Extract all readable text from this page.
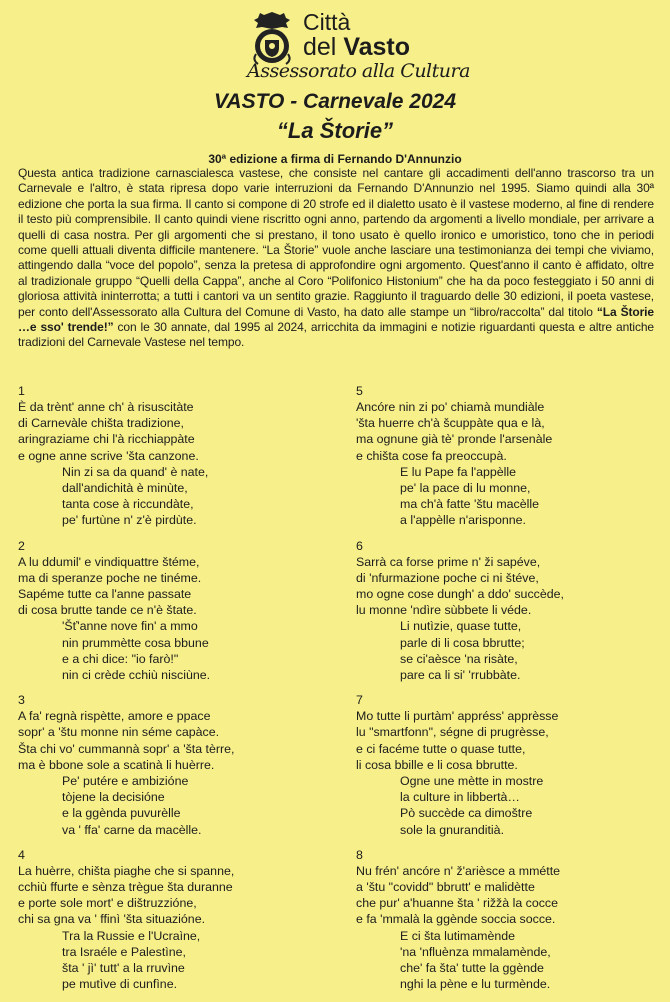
Città
del Vasto
Assessorato alla Cultura
VASTO - Carnevale 2024
“La Štorie”
30ª edizione a firma di Fernando D'Annunzio
Questa antica tradizione carnascialesca vastese, che consiste nel cantare gli accadimenti dell'anno trascorso tra un Carnevale e l'altro, è stata ripresa dopo varie interruzioni da Fernando D'Annunzio nel 1995. Siamo quindi alla 30ª edizione che porta la sua firma. Il canto si compone di 20 strofe ed il dialetto usato è il vastese moderno, al fine di rendere il testo più comprensibile. Il canto quindi viene riscritto ogni anno, partendo da argomenti a livello mondiale, per arrivare a quelli di casa nostra. Per gli argomenti che si prestano, il tono usato è quello ironico e umoristico, tono che in periodi come quelli attuali diventa difficile mantenere. “La Štorie” vuole anche lasciare una testimonianza dei tempi che viviamo, attingendo dalla “voce del popolo”, senza la pretesa di approfondire ogni argomento. Quest'anno il canto è affidato, oltre al tradizionale gruppo “Quelli della Cappa”, anche al Coro “Polifonico Histonium” che ha da poco festeggiato i 50 anni di gloriosa attività ininterrotta; a tutti i cantori va un sentito grazie. Raggiunto il traguardo delle 30 edizioni, il poeta vastese, per conto dell'Assessorato alla Cultura del Comune di Vasto, ha dato alle stampe un “libro/raccolta” dal titolo “La Štorie …e sso' trende!” con le 30 annate, dal 1995 al 2024, arricchita da immagini e notizie riguardanti questa e altre antiche tradizioni del Carnevale Vastese nel tempo.
1
È da trènt' anne ch' à risuscitàte
di Carnevàle chišta tradizione,
aringraziame chi l'à ricchiappàte
e ogne anne scrive 'šta canzone.
Nin zi sa da quand' è nate,
dall'andichità è minùte,
tanta cose à riccundàte,
pe' furtùne n' z'è pirdùte.
2
A lu ddumil' e vindiquattre štéme,
ma di speranze poche ne tinéme.
Sapéme tutte ca l'anne passate
di cosa brutte tande ce n'è štate.
'Šť'anne nove fin' a mmo
nin prummètte cosa bbune
e a chi dice: "io farò!"
nin ci crède cchiù nisciùne.
3
A fa' regnà rispètte, amore e ppace
sopr' a 'štu monne nin séme capàce.
Šta chi vo' cummannà sopr' a 'šta tèrre,
ma è bbone sole a scatinà li huèrre.
Pe' putére e ambizióne
tòjene la decisióne
e la ggènda puvurèlle
va ' ffa' carne da macèlle.
4
La huèrre, chišta piaghe che si spanne,
cchiù ffurte e sènza trègue šta duranne
e porte sole mort' e dištruzzióne,
chi sa gna va ' ffinì 'šta situazióne.
Tra la Russie e l'Ucraìne,
tra Israéle e Palestìne,
šta ' jì' tutt' a la rruvìne
pe mutìve di cunfìne.
5
Ancóre nin zi po' chiamà mundiàle
'šta huerre ch'à šcuppàte qua e là,
ma ognune già tè' pronde l'arsenàle
e chišta cose fa preoccupà.
E lu Pape fa l'appèlle
pe' la pace di lu monne,
ma ch'à fatte 'štu macèlle
a l'appèlle n'arisponne.
6
Sarrà ca forse prime n' ži sapéve,
di 'nfurmazione poche ci ni štéve,
mo ogne cose dungh' a ddo' succède,
lu monne 'ndìre sùbbete li véde.
Li nutìzie, quase tutte,
parle di li cosa bbrutte;
se ci'aèsce 'na risàte,
pare ca li si' 'rrubbàte.
7
Mo tutte li purtàm' appréss' apprèsse
lu "smartfonn", ségne di prugrèsse,
e ci facéme tutte o quase tutte,
li cosa bbille e li cosa bbrutte.
Ogne une mètte in mostre
la culture in libbertà…
Pò succède ca dimoštre
sole la gnuranditià.
8
Nu frén' ancóre n' ž'arièsce a mmétte
a 'štu "covidd" bbrutt' e malidètte
che pur' a'huanne šta ' rižžà la cocce
e fa 'mmalà la ggènde soccia socce.
E ci šta lutimamènde
'na 'nfluènza mmalamènde,
che' fa šta' tutte la ggènde
nghi la pène e lu turmènde.
